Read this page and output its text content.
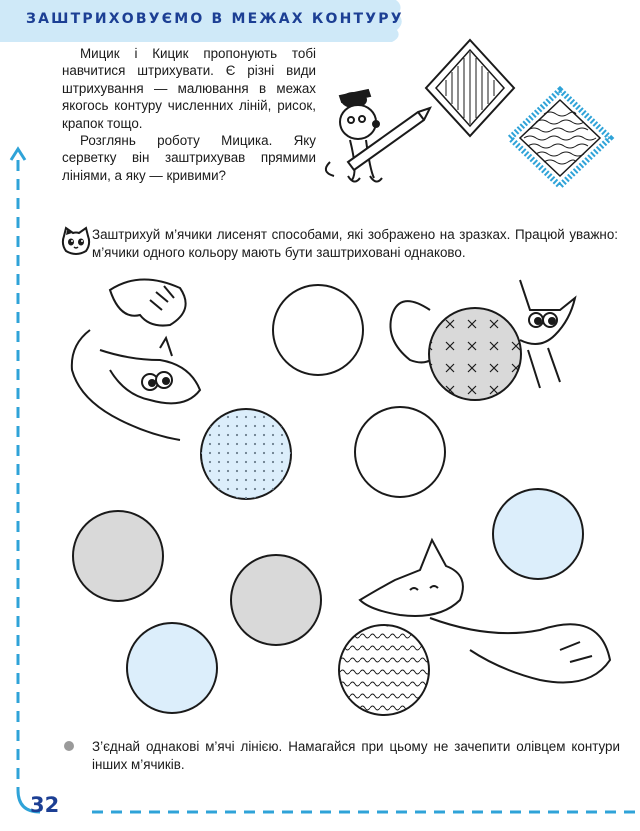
ЗАШТРИХОВУЄМО В МЕЖАХ КОНТУРУ

Мицик і Кицик пропонують тобі навчитися штрихувати. Є різні види штрихування — малювання в межах якогось контуру численних ліній, рисок, крапок тощо.

Розглянь роботу Мицика. Яку серветку він заштрихував прямими лініями, а яку — кривими?

Заштрихуй м’ячики лисенят способами, які зображено на зразках. Працюй уважно: м’ячики одного кольору мають бути заштриховані однаково.
З’єднай однакові м’ячі лінією. Намагайся при цьому не зачепити олівцем контури інших м’ячиків.
32
